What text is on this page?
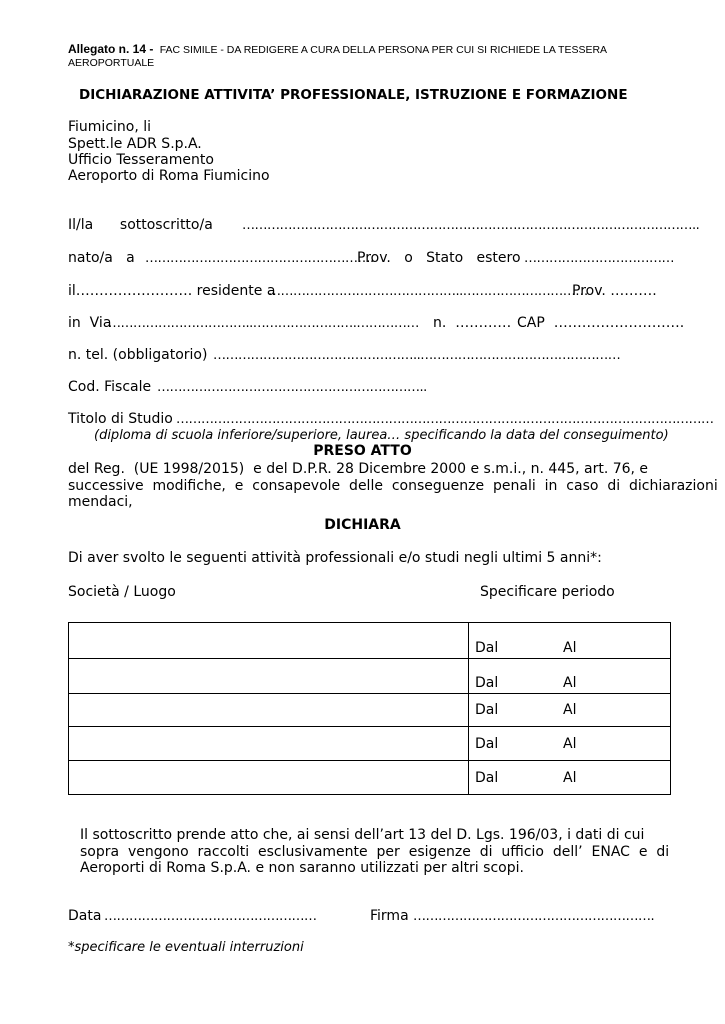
Allegato n. 14 - FAC SIMILE - DA REDIGERE A CURA DELLA PERSONA PER CUI SI RICHIEDE LA TESSERA
AEROPORTUALE
DICHIARAZIONE ATTIVITA’ PROFESSIONALE, ISTRUZIONE E FORMAZIONE
Fiumicino, li
Spett.le ADR S.p.A.
Ufficio Tesseramento
Aeroporto di Roma Fiumicino
Il/la      sottoscritto/a ………………………………………………………………………………………………..
nato/a   a ……………………………………………….
Prov.   o   Stato   estero ………………………………
il……………………. residente a
………………………………………..…………………………
Prov. ……….
in  Via
……………………………..…………………….…………… n.  ………… CAP  ……………………….
n. tel. (obbligatorio) …………………………………………..…………………………………………
Cod. Fiscale ………………………………………………………..
Titolo di Studio …………………………………………………………………………………………………………………
(diploma di scuola inferiore/superiore, laurea… specificando la data del conseguimento)
PRESO ATTO
del Reg.  (UE 1998/2015)  e del D.P.R. 28 Dicembre 2000 e s.m.i., n. 445, art. 76, e
successive  modifiche,  e  consapevole  delle  conseguenze  penali  in  caso  di  dichiarazioni
mendaci,
DICHIARA
Di aver svolto le seguenti attività professionali e/o studi negli ultimi 5 anni*:
Società / Luogo	Specificare periodo
	Dal Al
	Dal Al
	Dal Al
	Dal Al
	Dal Al
Il sottoscritto prende atto che, ai sensi dell’art 13 del D. Lgs. 196/03, i dati di cui
sopra  vengono  raccolti  esclusivamente  per  esigenze  di  ufficio  dell’  ENAC  e  di
Aeroporti di Roma S.p.A. e non saranno utilizzati per altri scopi.
Data ……………………………………………	Firma ………………………………………………….
*specificare le eventuali interruzioni
